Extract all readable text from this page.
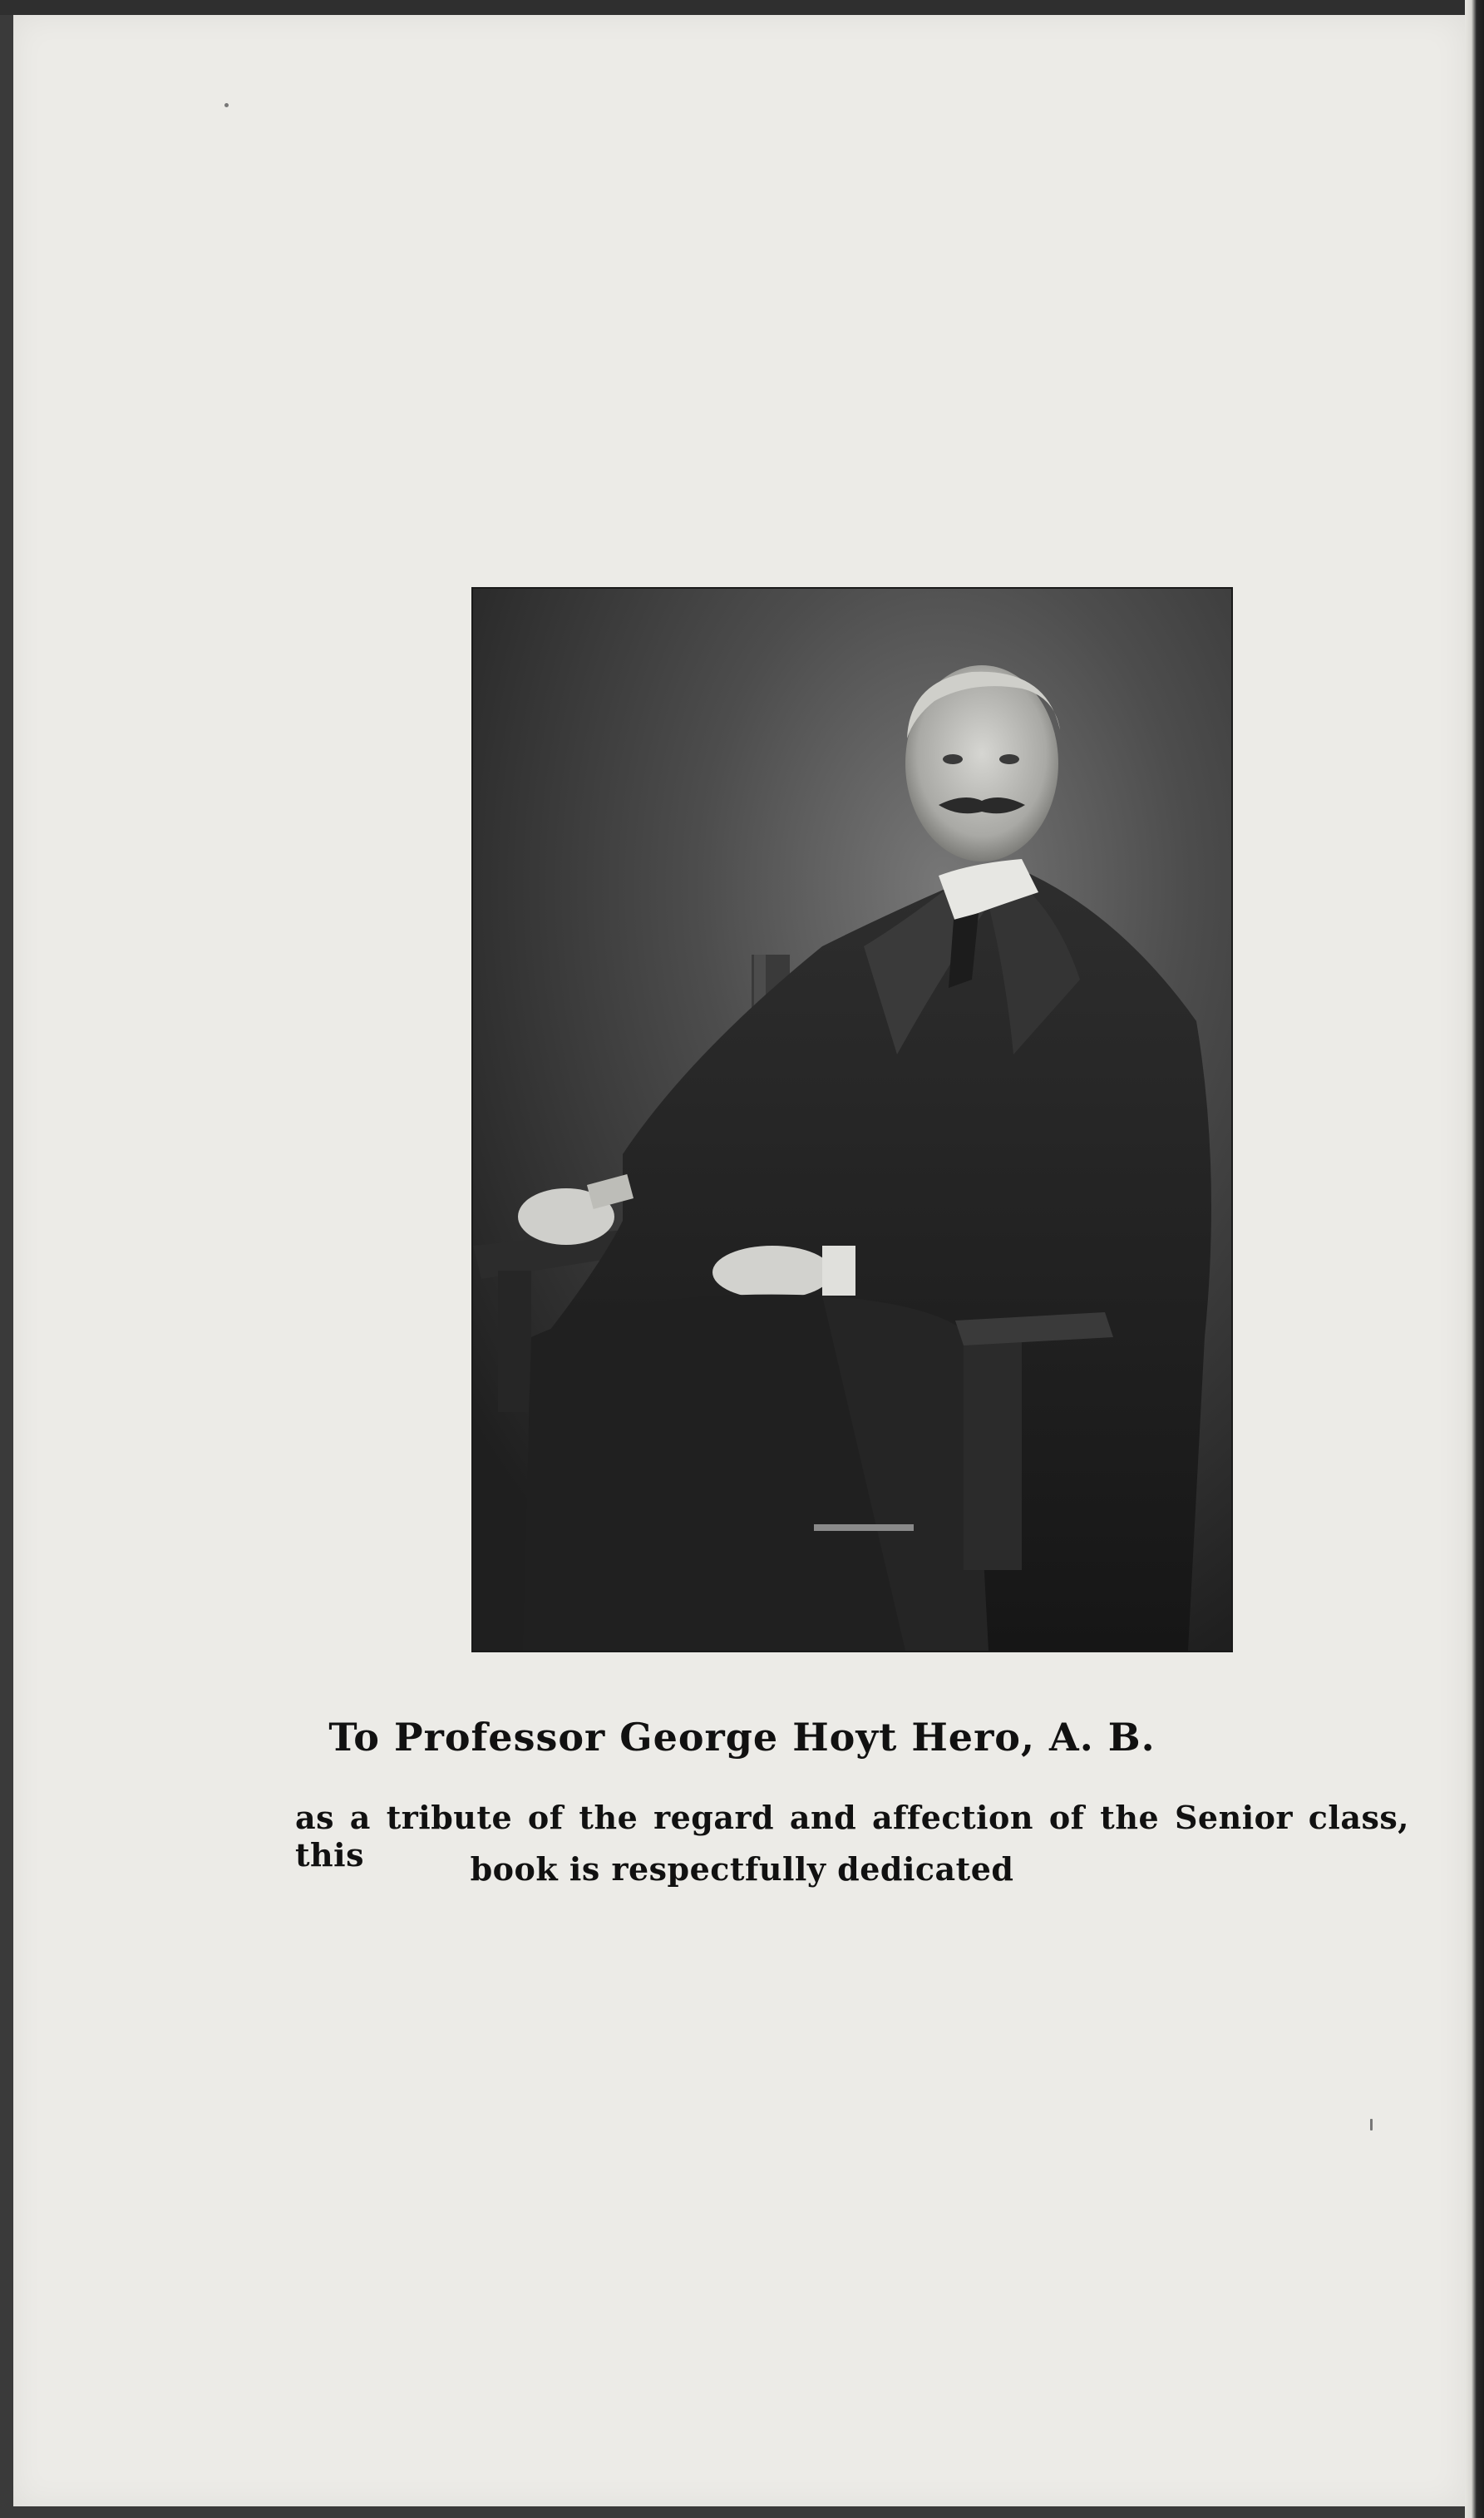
To Professor George Hoyt Hero, A. B.
as a tribute of the regard and affection of the Senior class, this	book is respectfully dedicated
